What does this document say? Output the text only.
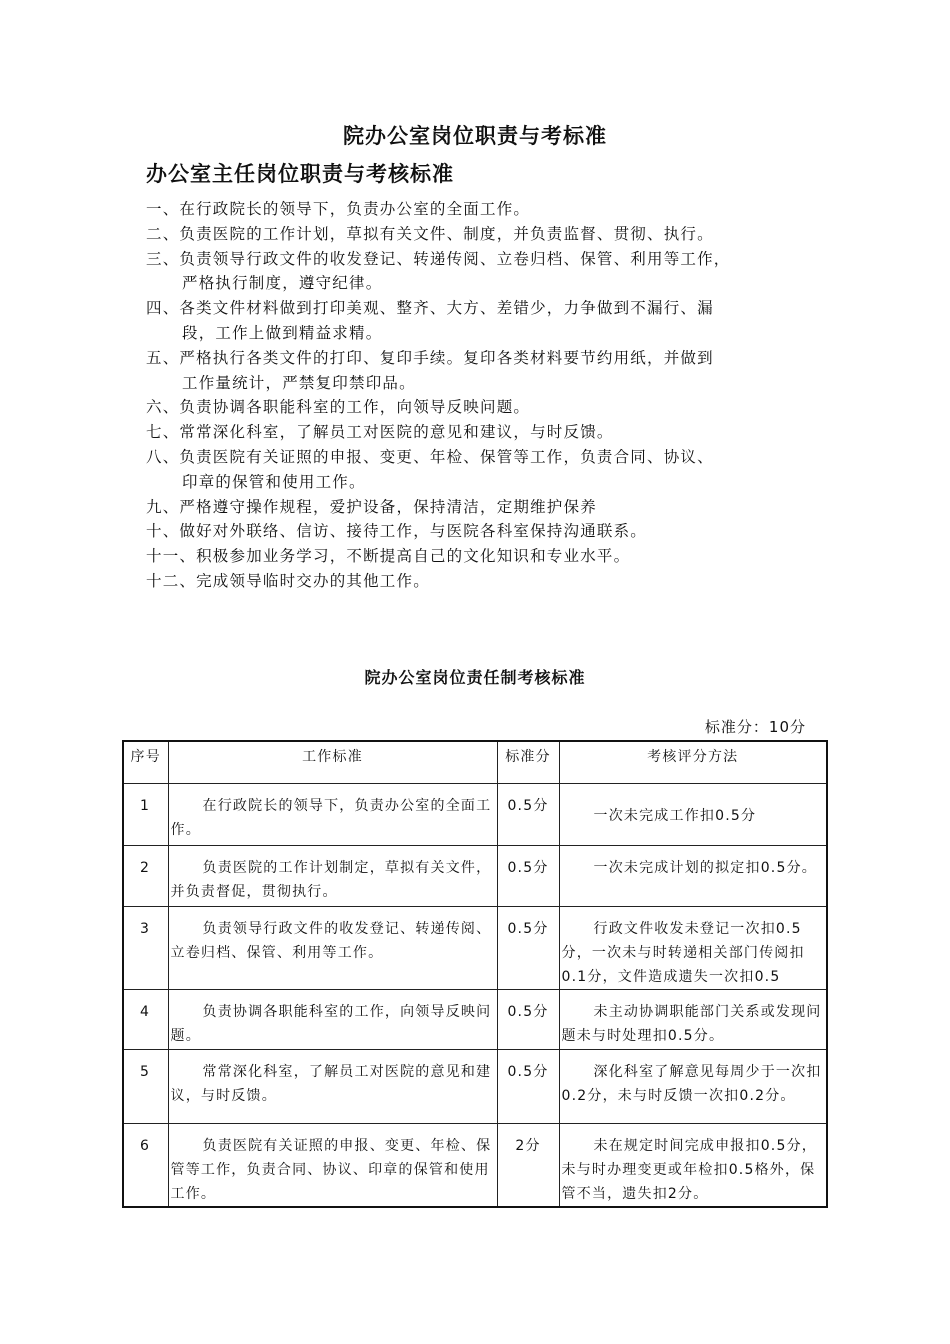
院办公室岗位职责与考标准
办公室主任岗位职责与考核标准
一、在行政院长的领导下，负责办公室的全面工作。
二、负责医院的工作计划，草拟有关文件、制度，并负责监督、贯彻、执行。
三、负责领导行政文件的收发登记、转递传阅、立卷归档、保管、利用等工作，
严格执行制度，遵守纪律。
四、各类文件材料做到打印美观、整齐、大方、差错少，力争做到不漏行、漏
段，工作上做到精益求精。
五、严格执行各类文件的打印、复印手续。复印各类材料要节约用纸，并做到
工作量统计，严禁复印禁印品。
六、负责协调各职能科室的工作，向领导反映问题。
七、常常深化科室，了解员工对医院的意见和建议，与时反馈。
八、负责医院有关证照的申报、变更、年检、保管等工作，负责合同、协议、
印章的保管和使用工作。
九、严格遵守操作规程，爱护设备，保持清洁，定期维护保养
十、做好对外联络、信访、接待工作，与医院各科室保持沟通联系。
十一、积极参加业务学习，不断提高自己的文化知识和专业水平。
十二、完成领导临时交办的其他工作。
院办公室岗位责任制考核标准
标准分：10分
序号	工作标准	标准分	考核评分方法
1	在行政院长的领导下，负责办公室的全面工作。	0.5分	一次未完成工作扣0.5分
2	负责医院的工作计划制定，草拟有关文件，并负责督促，贯彻执行。	0.5分	一次未完成计划的拟定扣0.5分。
3	负责领导行政文件的收发登记、转递传阅、立卷归档、保管、利用等工作。	0.5分	行政文件收发未登记一次扣0.5分，一次未与时转递相关部门传阅扣0.1分，文件造成遗失一次扣0.5
4	负责协调各职能科室的工作，向领导反映问题。	0.5分	未主动协调职能部门关系或发现问题未与时处理扣0.5分。
5	常常深化科室，了解员工对医院的意见和建议，与时反馈。	0.5分	深化科室了解意见每周少于一次扣0.2分，未与时反馈一次扣0.2分。
6	负责医院有关证照的申报、变更、年检、保管等工作，负责合同、协议、印章的保管和使用工作。	2分	未在规定时间完成申报扣0.5分，未与时办理变更或年检扣0.5格外，保管不当，遗失扣2分。
